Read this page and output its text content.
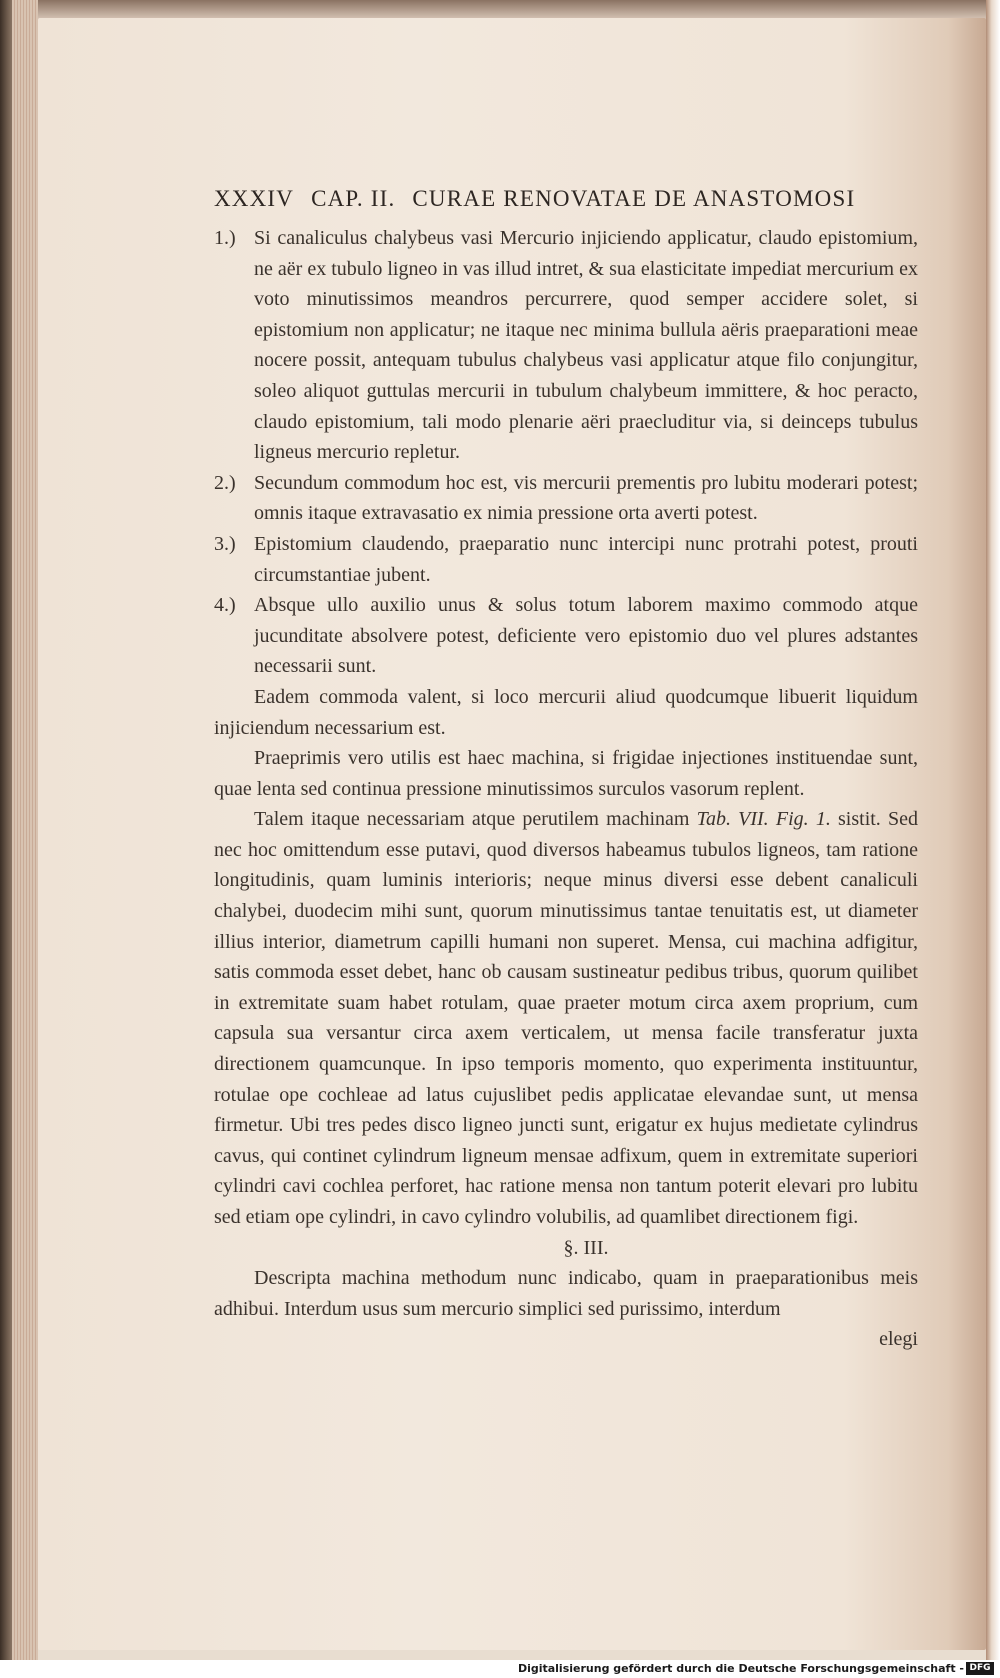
XXXIV CAP. II. CURAE RENOVATAE DE ANASTOMOSI

1.) Si canaliculus chalybeus vasi Mercurio injiciendo applicatur, claudo epistomium, ne aër ex tubulo ligneo in vas illud intret, & sua elasticitate impediat mercurium ex voto minutissimos meandros percurrere, quod semper accidere solet, si epistomium non applicatur; ne itaque nec minima bullula aëris praeparationi meae nocere possit, antequam tubulus chalybeus vasi applicatur atque filo conjungitur, soleo aliquot guttulas mercurii in tubulum chalybeum immittere, & hoc peracto, claudo epistomium, tali modo plenarie aëri praecluditur via, si deinceps tubulus ligneus mercurio repletur.

2.) Secundum commodum hoc est, vis mercurii prementis pro lubitu moderari potest; omnis itaque extravasatio ex nimia pressione orta averti potest.

3.) Epistomium claudendo, praeparatio nunc intercipi nunc protrahi potest, prouti circumstantiae jubent.

4.) Absque ullo auxilio unus & solus totum laborem maximo commodo atque jucunditate absolvere potest, deficiente vero epistomio duo vel plures adstantes necessarii sunt.

Eadem commoda valent, si loco mercurii aliud quodcumque libuerit liquidum injiciendum necessarium est.

Praeprimis vero utilis est haec machina, si frigidae injectiones instituendae sunt, quae lenta sed continua pressione minutissimos surculos vasorum replent.

Talem itaque necessariam atque perutilem machinam Tab. VII. Fig. 1. sistit. Sed nec hoc omittendum esse putavi, quod diversos habeamus tubulos ligneos, tam ratione longitudinis, quam luminis interioris; neque minus diversi esse debent canaliculi chalybei, duodecim mihi sunt, quorum minutissimus tantae tenuitatis est, ut diameter illius interior, diametrum capilli humani non superet. Mensa, cui machina adfigitur, satis commoda esset debet, hanc ob causam sustineatur pedibus tribus, quorum quilibet in extremitate suam habet rotulam, quae praeter motum circa axem proprium, cum capsula sua versantur circa axem verticalem, ut mensa facile transferatur juxta directionem quamcunque. In ipso temporis momento, quo experimenta instituuntur, rotulae ope cochleae ad latus cujuslibet pedis applicatae elevandae sunt, ut mensa firmetur. Ubi tres pedes disco ligneo juncti sunt, erigatur ex hujus medietate cylindrus cavus, qui continet cylindrum ligneum mensae adfixum, quem in extremitate superiori cylindri cavi cochlea perforet, hac ratione mensa non tantum poterit elevari pro lubitu sed etiam ope cylindri, in cavo cylindro volubilis, ad quamlibet directionem figi.

§. III.

Descripta machina methodum nunc indicabo, quam in praeparationibus meis adhibui. Interdum usus sum mercurio simplici sed purissimo, interdum

elegi

Digitalisierung gefördert durch die Deutsche Forschungsgemeinschaft - DFG
